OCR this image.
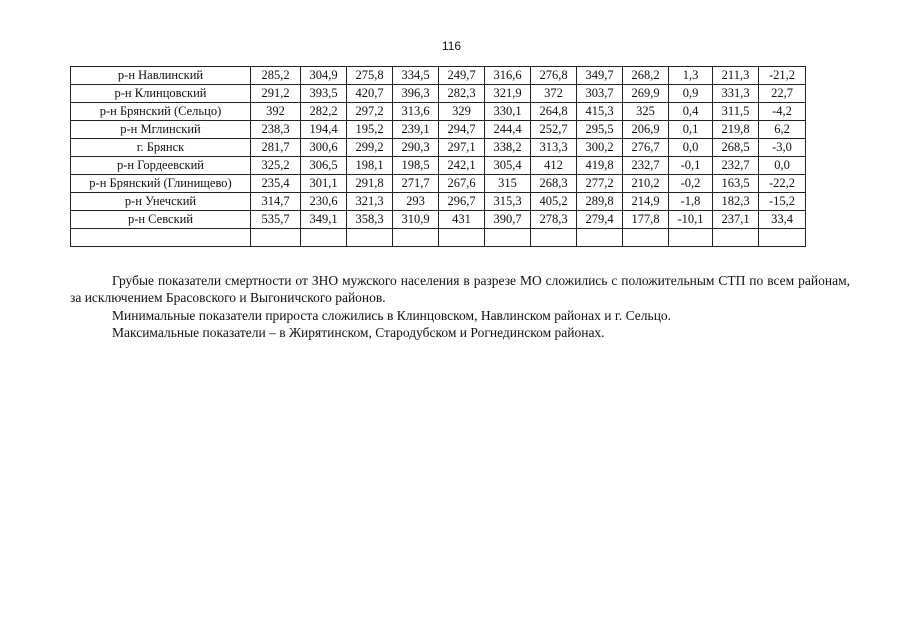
116
р-н Навлинский	285,2	304,9	275,8	334,5	249,7	316,6	276,8	349,7	268,2	1,3	211,3	-21,2
р-н Клинцовский	291,2	393,5	420,7	396,3	282,3	321,9	372	303,7	269,9	0,9	331,3	22,7
р-н Брянский (Сельцо)	392	282,2	297,2	313,6	329	330,1	264,8	415,3	325	0,4	311,5	-4,2
р-н Мглинский	238,3	194,4	195,2	239,1	294,7	244,4	252,7	295,5	206,9	0,1	219,8	6,2
г. Брянск	281,7	300,6	299,2	290,3	297,1	338,2	313,3	300,2	276,7	0,0	268,5	-3,0
р-н Гордеевский	325,2	306,5	198,1	198,5	242,1	305,4	412	419,8	232,7	-0,1	232,7	0,0
р-н Брянский (Глинищево)	235,4	301,1	291,8	271,7	267,6	315	268,3	277,2	210,2	-0,2	163,5	-22,2
р-н Унечский	314,7	230,6	321,3	293	296,7	315,3	405,2	289,8	214,9	-1,8	182,3	-15,2
р-н Севский	535,7	349,1	358,3	310,9	431	390,7	278,3	279,4	177,8	-10,1	237,1	33,4

Грубые показатели смертности от ЗНО мужского населения в разрезе МО сложились с положительным СТП по всем районам, за исключением Брасовского и Выгоничского районов.
Минимальные показатели прироста сложились в Клинцовском, Навлинском районах и г. Сельцо.
Максимальные показатели – в Жирятинском, Стародубском и Рогнединском районах.
